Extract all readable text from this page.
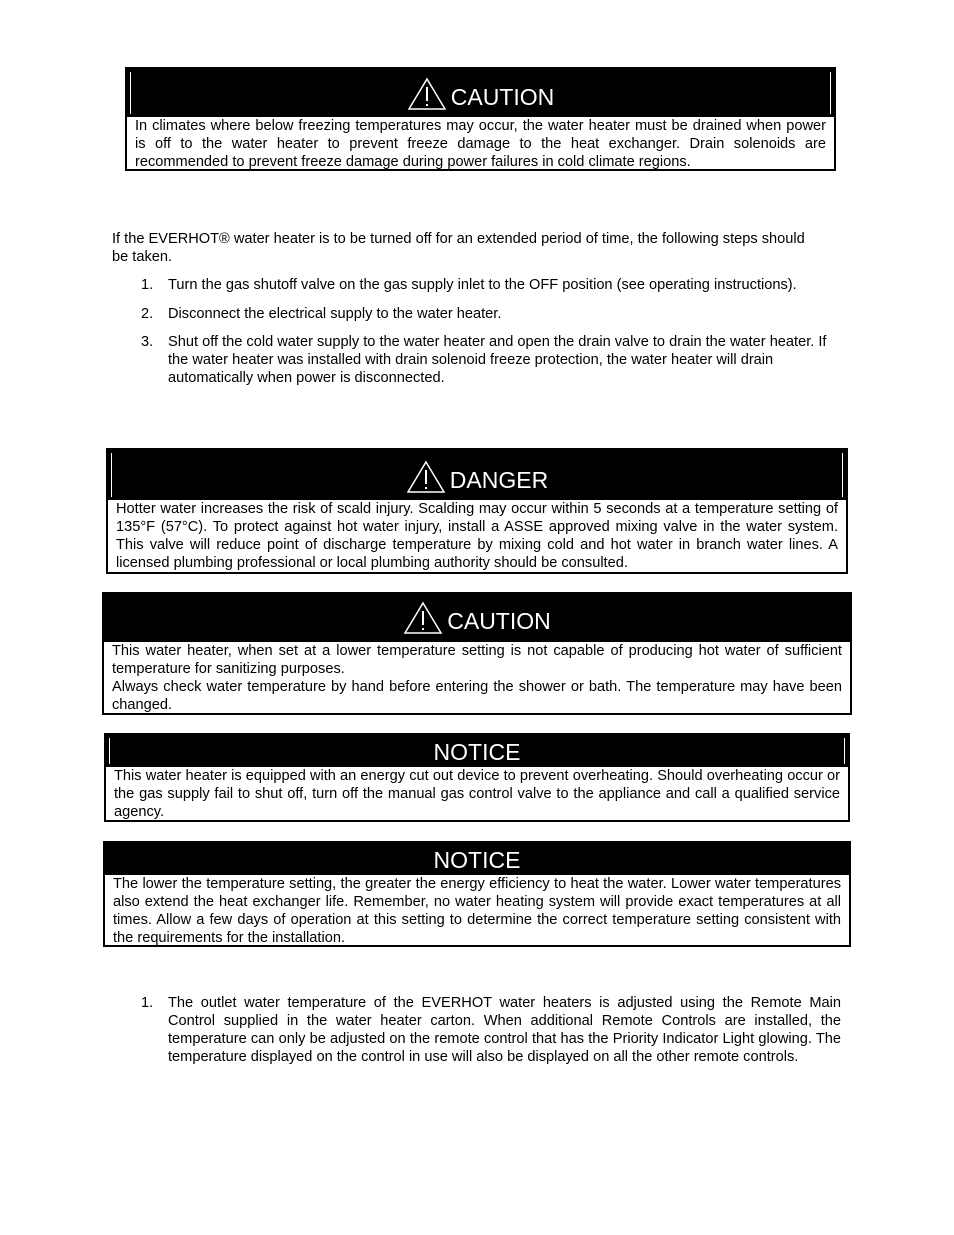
CAUTION
In climates where below freezing temperatures may occur, the water heater must be drained when power is off to the water heater to prevent freeze damage to the heat exchanger. Drain solenoids are recommended to prevent freeze damage during power failures in cold climate regions.
If the EVERHOT® water heater is to be turned off for an extended period of time, the following steps should be taken.
1. Turn the gas shutoff valve on the gas supply inlet to the OFF position (see operating instructions).
2. Disconnect the electrical supply to the water heater.
3. Shut off the cold water supply to the water heater and open the drain valve to drain the water heater. If the water heater was installed with drain solenoid freeze protection, the water heater will drain automatically when power is disconnected.
DANGER
Hotter water increases the risk of scald injury. Scalding may occur within 5 seconds at a temperature setting of 135°F (57°C). To protect against hot water injury, install a ASSE approved mixing valve in the water system. This valve will reduce point of discharge temperature by mixing cold and hot water in branch water lines. A licensed plumbing professional or local plumbing authority should be consulted.
CAUTION
This water heater, when set at a lower temperature setting is not capable of producing hot water of sufficient temperature for sanitizing purposes.
Always check water temperature by hand before entering the shower or bath. The temperature may have been changed.
NOTICE
This water heater is equipped with an energy cut out device to prevent overheating. Should overheating occur or the gas supply fail to shut off, turn off the manual gas control valve to the appliance and call a qualified service agency.
NOTICE
The lower the temperature setting, the greater the energy efficiency to heat the water. Lower water temperatures also extend the heat exchanger life. Remember, no water heating system will provide exact temperatures at all times. Allow a few days of operation at this setting to determine the correct temperature setting consistent with the requirements for the installation.
1. The outlet water temperature of the EVERHOT water heaters is adjusted using the Remote Main Control supplied in the water heater carton. When additional Remote Controls are installed, the temperature can only be adjusted on the remote control that has the Priority Indicator Light glowing. The temperature displayed on the control in use will also be displayed on all the other remote controls.
